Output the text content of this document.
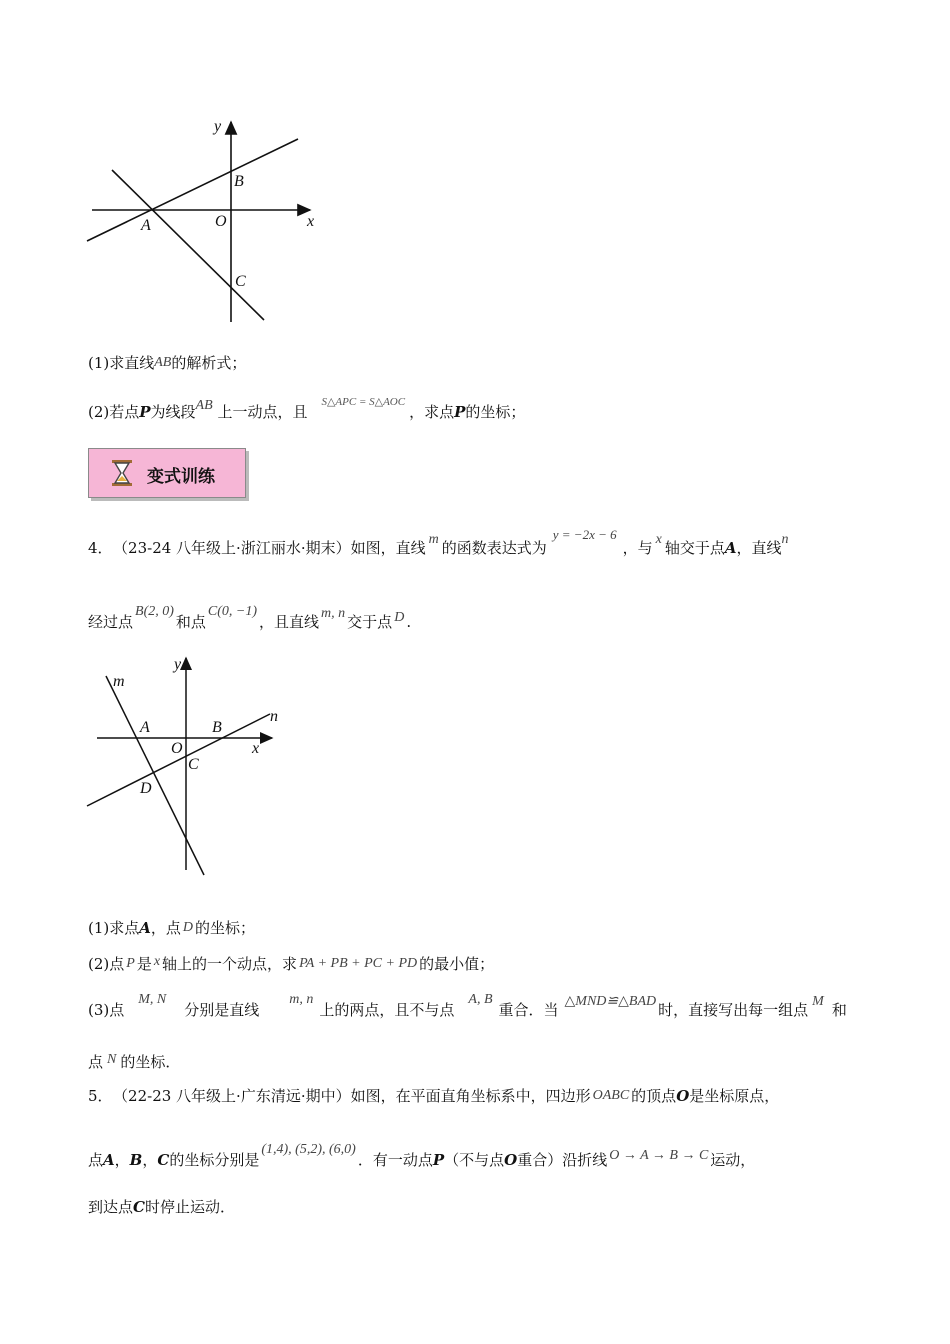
y
x
B
O
A
C
(1)求直线AB的解析式；
(2)若点P为线段AB 上一动点，且$^{S\triangle APC = S\triangle AOC}$，求点P的坐标；
变式训练
4． （23-24 八年级上·浙江丽水·期末）如图，直线 m 的函数表达式为y = −2x − 6，与 x 轴交于点A，直线n
经过点B(2, 0)和点C(0, −1)，且直线 m, n 交于点 D .
y
m
n
A	B
O	x
C
D
(1)求点A，点 D 的坐标；
(2)点 P 是 x 轴上的一个动点，求 PA + PB + PC + PD 的最小值；
(3)点M, N分别是直线m, n上的两点，且不与点A, B重合．当 △MND≌△BAD 时，直接写出每一组点 M 和
点 N 的坐标．
5． （22-23 八年级上·广东清远·期中）如图，在平面直角坐标系中，四边形 OABC 的顶点O是坐标原点，
点A，B，C的坐标分别是(1,4), (5,2), (6,0)．有一动点P（不与点O重合）沿折线 O → A → B → C 运动，
到达点C时停止运动．
